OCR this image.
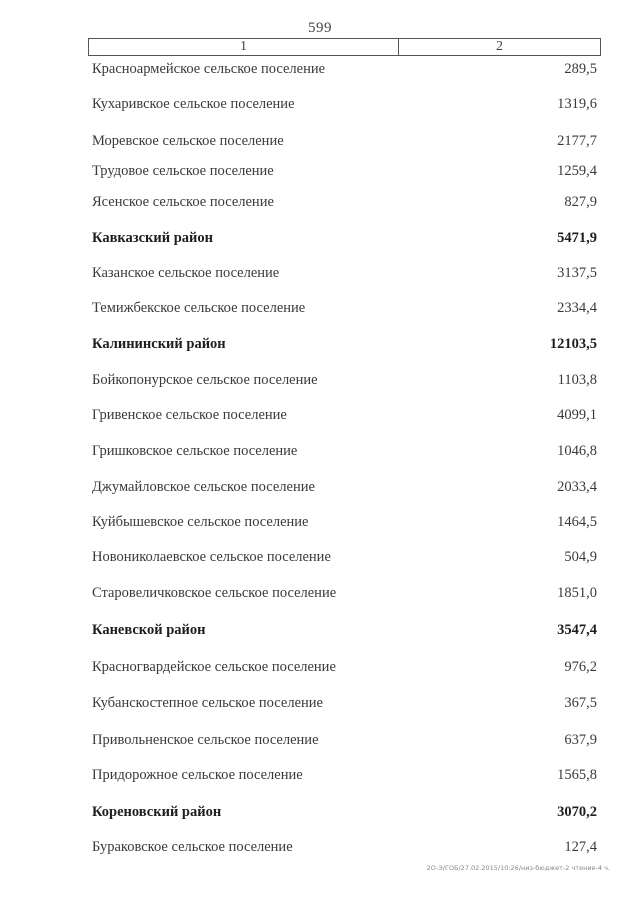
599
1	2
Красноармейское сельское поселение	289,5
Кухаривское сельское поселение	1319,6
Моревское сельское поселение	2177,7
Трудовое сельское поселение	1259,4
Ясенское сельское поселение	827,9
Кавказский район	5471,9
Казанское сельское поселение	3137,5
Темижбекское сельское поселение	2334,4
Калининский район	12103,5
Бойкопонурское сельское поселение	1103,8
Гривенское сельское поселение	4099,1
Гришковское сельское поселение	1046,8
Джумайловское сельское поселение	2033,4
Куйбышевское сельское поселение	1464,5
Новониколаевское сельское поселение	504,9
Старовеличковское сельское поселение	1851,0
Каневской район	3547,4
Красногвардейское сельское поселение	976,2
Кубанскостепное сельское поселение	367,5
Привольненское сельское поселение	637,9
Придорожное сельское поселение	1565,8
Кореновский район	3070,2
Бураковское сельское поселение	127,4
2О-Э/ГОБ/27.02.2015/10:26/низ-бюджет-2 чтение-4 ч.
